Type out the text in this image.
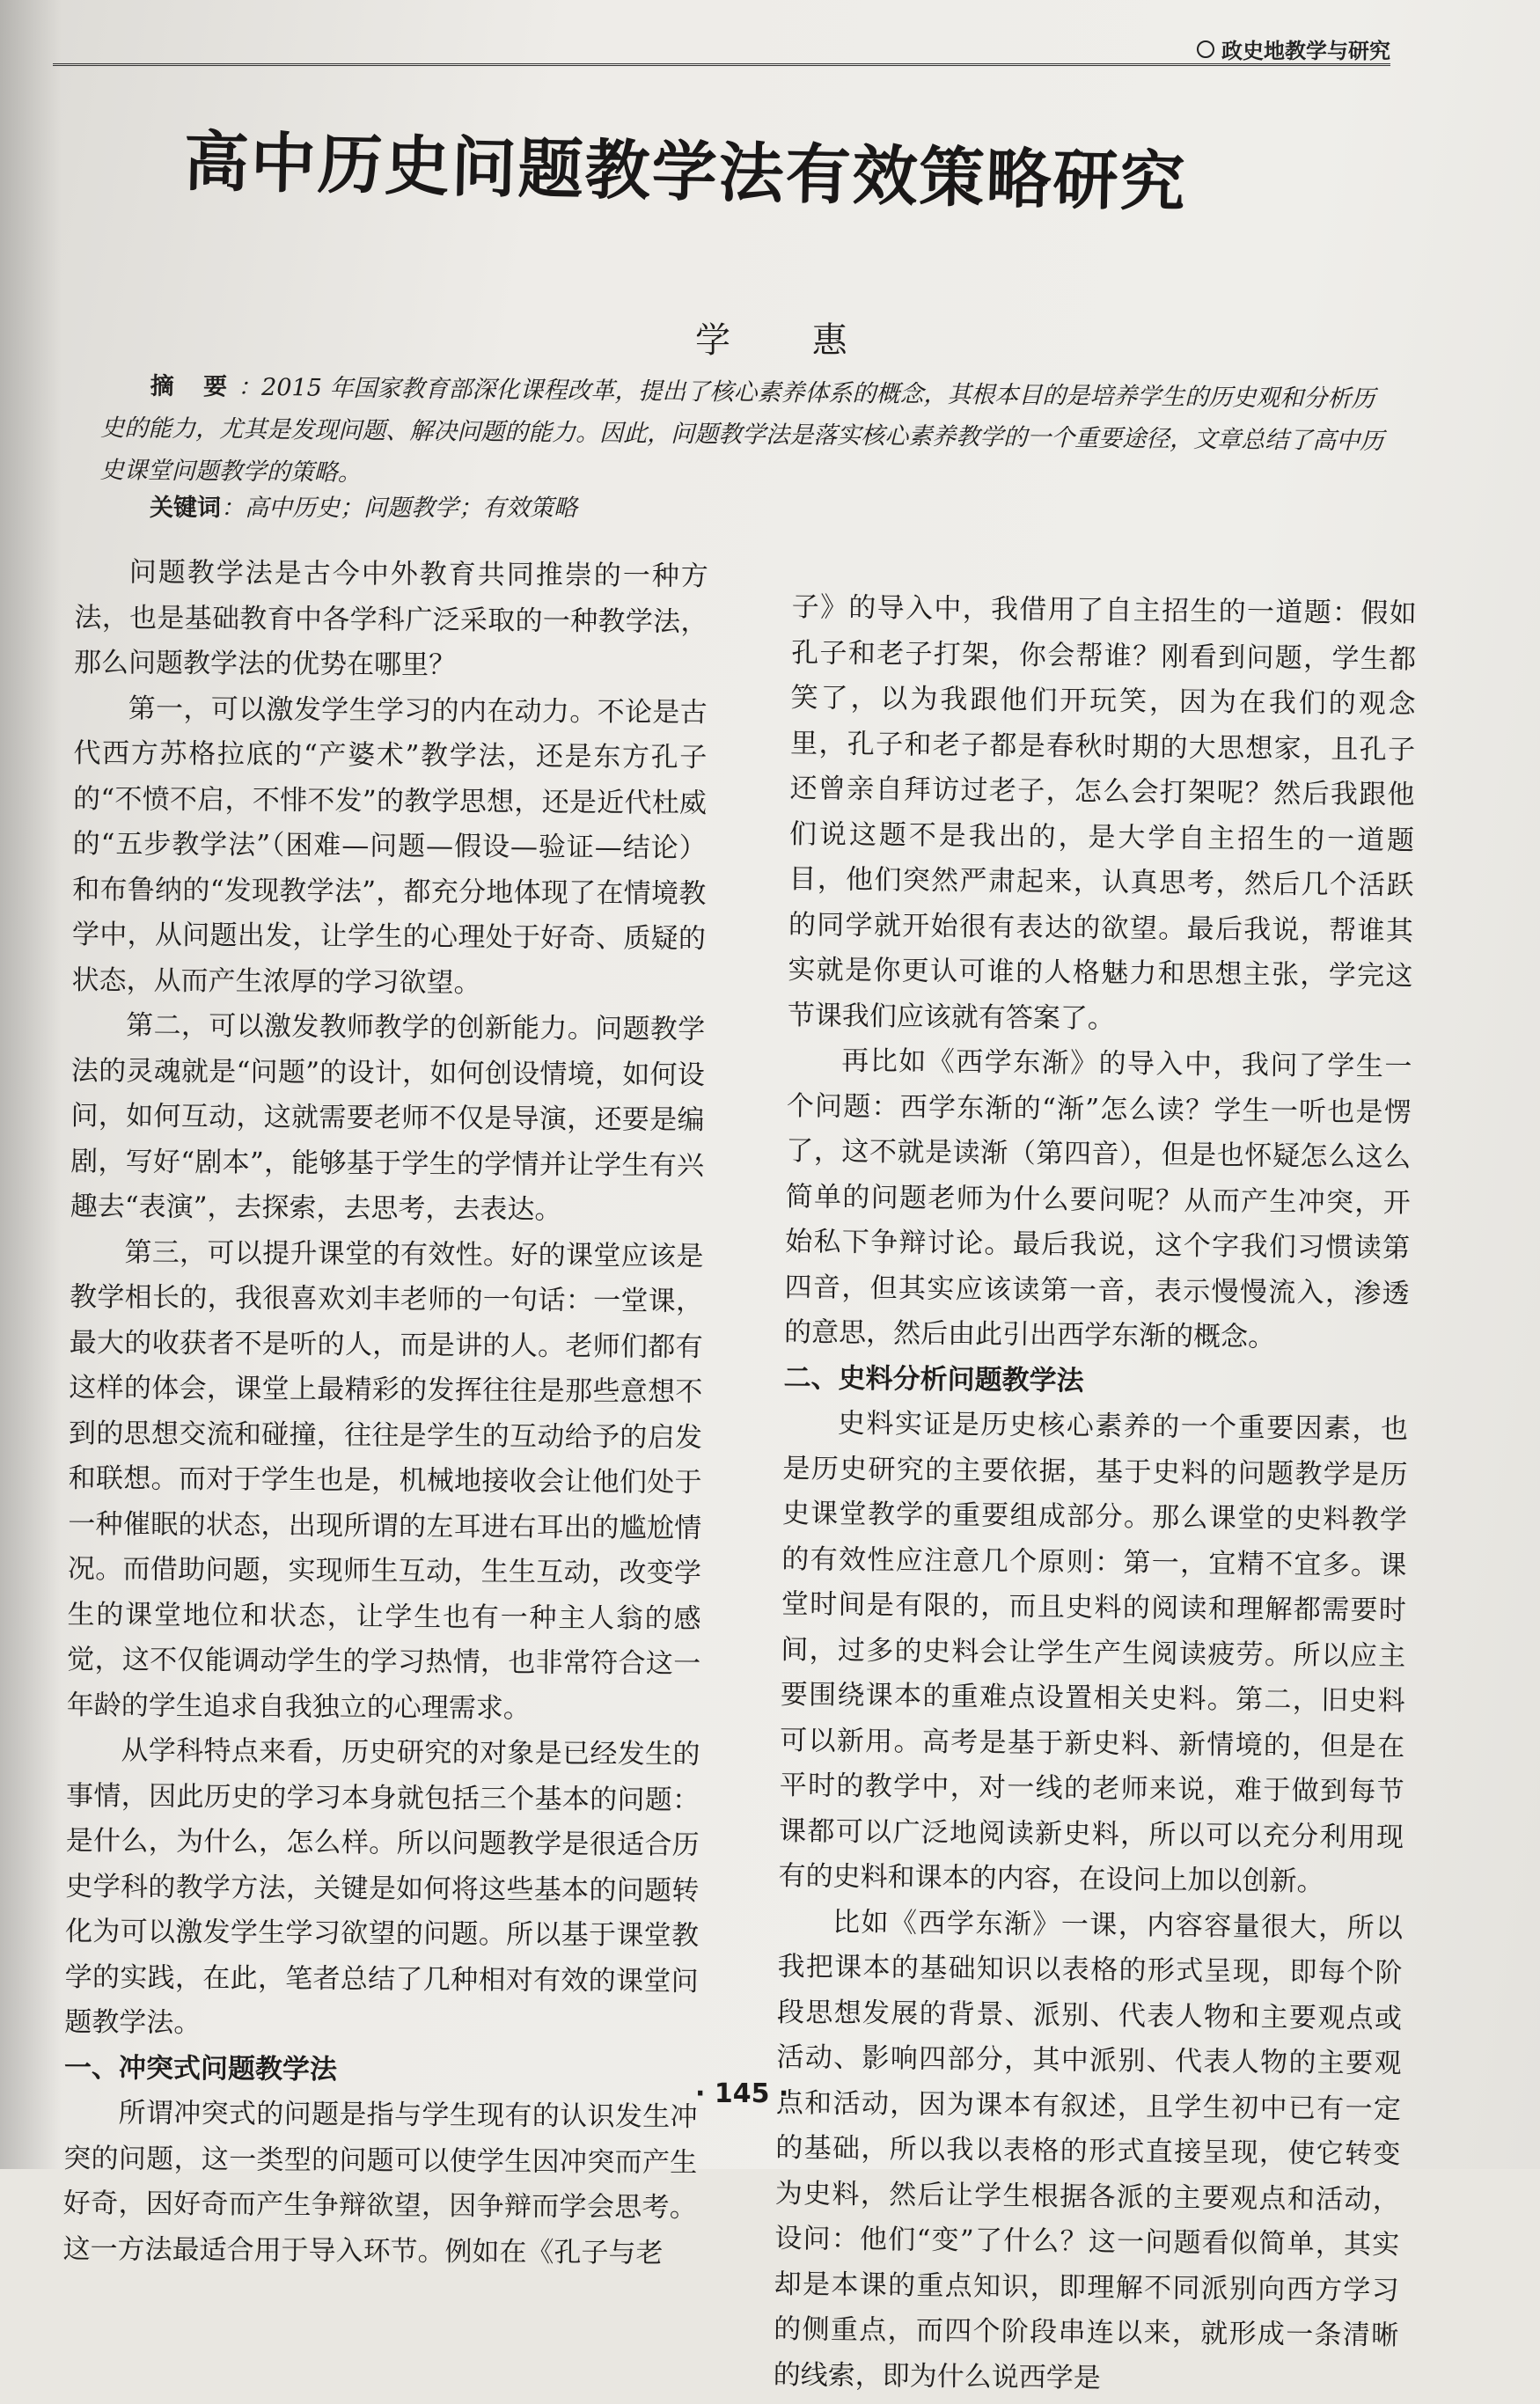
政史地教学与研究
高中历史问题教学法有效策略研究
学 惠
摘 要：2015 年国家教育部深化课程改革，提出了核心素养体系的概念，其根本目的是培养学生的历史观和分析历史的能力，尤其是发现问题、解决问题的能力。因此，问题教学法是落实核心素养教学的一个重要途径，文章总结了高中历史课堂问题教学的策略。
关键词：高中历史；问题教学；有效策略

问题教学法是古今中外教育共同推崇的一种方法，也是基础教育中各学科广泛采取的一种教学法，那么问题教学法的优势在哪里？

第一，可以激发学生学习的内在动力。不论是古代西方苏格拉底的“产婆术”教学法，还是东方孔子的“不愤不启，不悱不发”的教学思想，还是近代杜威的“五步教学法”（困难—问题—假设—验证—结论）和布鲁纳的“发现教学法”，都充分地体现了在情境教学中，从问题出发，让学生的心理处于好奇、质疑的状态，从而产生浓厚的学习欲望。

第二，可以激发教师教学的创新能力。问题教学法的灵魂就是“问题”的设计，如何创设情境，如何设问，如何互动，这就需要老师不仅是导演，还要是编剧，写好“剧本”，能够基于学生的学情并让学生有兴趣去“表演”，去探索，去思考，去表达。

第三，可以提升课堂的有效性。好的课堂应该是教学相长的，我很喜欢刘丰老师的一句话：一堂课，最大的收获者不是听的人，而是讲的人。老师们都有这样的体会，课堂上最精彩的发挥往往是那些意想不到的思想交流和碰撞，往往是学生的互动给予的启发和联想。而对于学生也是，机械地接收会让他们处于一种催眠的状态，出现所谓的左耳进右耳出的尴尬情况。而借助问题，实现师生互动，生生互动，改变学生的课堂地位和状态，让学生也有一种主人翁的感觉，这不仅能调动学生的学习热情，也非常符合这一年龄的学生追求自我独立的心理需求。

从学科特点来看，历史研究的对象是已经发生的事情，因此历史的学习本身就包括三个基本的问题：是什么，为什么，怎么样。所以问题教学是很适合历史学科的教学方法，关键是如何将这些基本的问题转化为可以激发学生学习欲望的问题。所以基于课堂教学的实践，在此，笔者总结了几种相对有效的课堂问题教学法。

一、冲突式问题教学法

所谓冲突式的问题是指与学生现有的认识发生冲突的问题，这一类型的问题可以使学生因冲突而产生好奇，因好奇而产生争辩欲望，因争辩而学会思考。这一方法最适合用于导入环节。例如在《孔子与老

子》的导入中，我借用了自主招生的一道题：假如孔子和老子打架，你会帮谁？刚看到问题，学生都笑了，以为我跟他们开玩笑，因为在我们的观念里，孔子和老子都是春秋时期的大思想家，且孔子还曾亲自拜访过老子，怎么会打架呢？然后我跟他们说这题不是我出的，是大学自主招生的一道题目，他们突然严肃起来，认真思考，然后几个活跃的同学就开始很有表达的欲望。最后我说，帮谁其实就是你更认可谁的人格魅力和思想主张，学完这节课我们应该就有答案了。

再比如《西学东渐》的导入中，我问了学生一个问题：西学东渐的“渐”怎么读？学生一听也是愣了，这不就是读渐（第四音），但是也怀疑怎么这么简单的问题老师为什么要问呢？从而产生冲突，开始私下争辩讨论。最后我说，这个字我们习惯读第四音，但其实应该读第一音，表示慢慢流入，渗透的意思，然后由此引出西学东渐的概念。

二、史料分析问题教学法

史料实证是历史核心素养的一个重要因素，也是历史研究的主要依据，基于史料的问题教学是历史课堂教学的重要组成部分。那么课堂的史料教学的有效性应注意几个原则：第一，宜精不宜多。课堂时间是有限的，而且史料的阅读和理解都需要时间，过多的史料会让学生产生阅读疲劳。所以应主要围绕课本的重难点设置相关史料。第二，旧史料可以新用。高考是基于新史料、新情境的，但是在平时的教学中，对一线的老师来说，难于做到每节课都可以广泛地阅读新史料，所以可以充分利用现有的史料和课本的内容，在设问上加以创新。

比如《西学东渐》一课，内容容量很大，所以我把课本的基础知识以表格的形式呈现，即每个阶段思想发展的背景、派别、代表人物和主要观点或活动、影响四部分，其中派别、代表人物的主要观点和活动，因为课本有叙述，且学生初中已有一定的基础，所以我以表格的形式直接呈现，使它转变为史料，然后让学生根据各派的主要观点和活动，设问：他们“变”了什么？这一问题看似简单，其实却是本课的重点知识，即理解不同派别向西方学习的侧重点，而四个阶段串连以来，就形成一条清晰的线索，即为什么说西学是

· 145 ·
